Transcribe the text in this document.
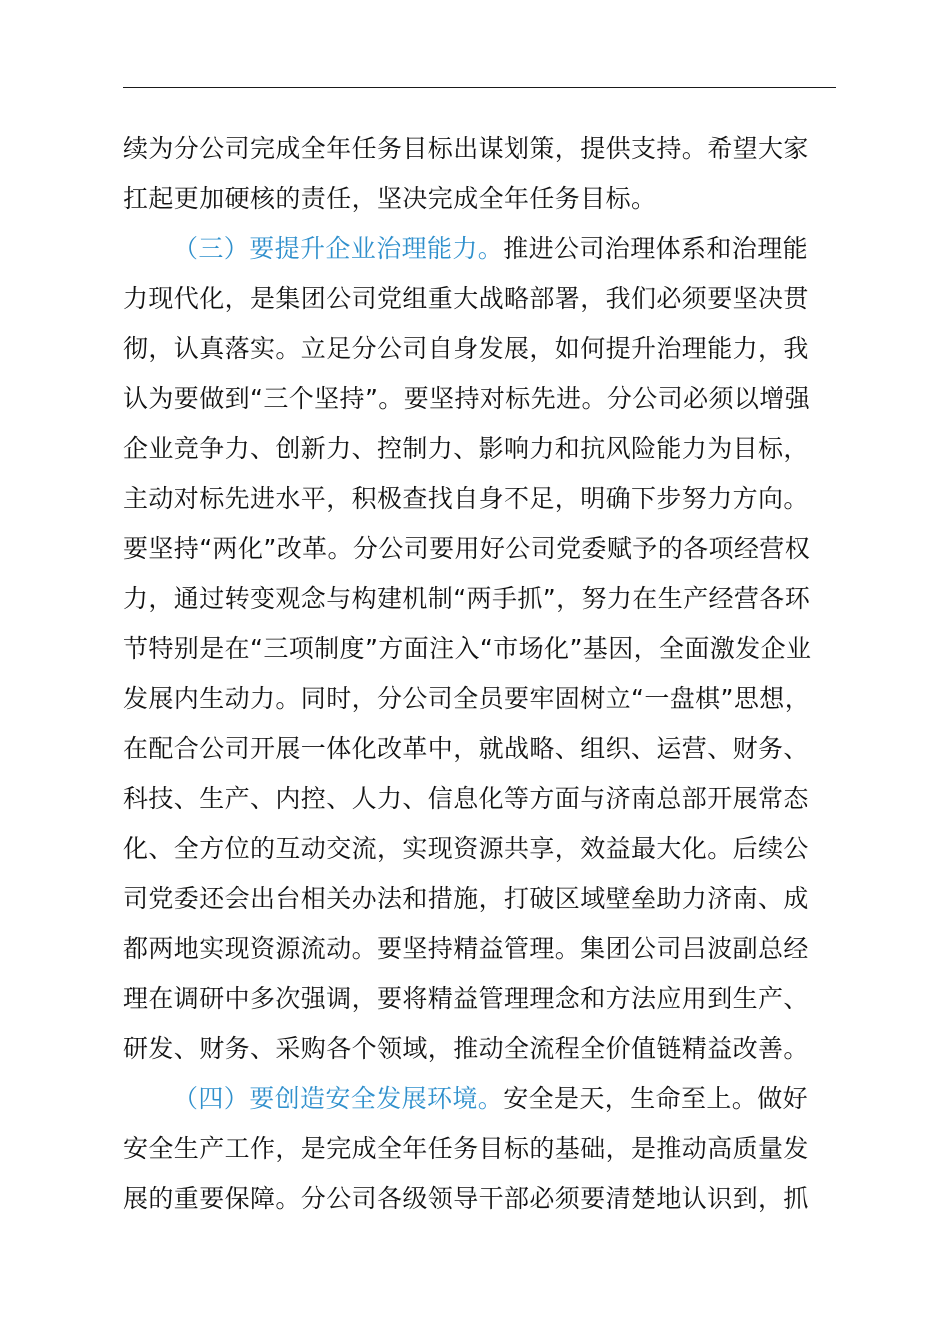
续为分公司完成全年任务目标出谋划策，提供支持。希望大家
扛起更加硬核的责任，坚决完成全年任务目标。
（三）要提升企业治理能力。推进公司治理体系和治理能
力现代化，是集团公司党组重大战略部署，我们必须要坚决贯
彻，认真落实。立足分公司自身发展，如何提升治理能力，我
认为要做到“三个坚持”。要坚持对标先进。分公司必须以增强
企业竞争力、创新力、控制力、影响力和抗风险能力为目标，
主动对标先进水平，积极查找自身不足，明确下步努力方向。
要坚持“两化”改革。分公司要用好公司党委赋予的各项经营权
力，通过转变观念与构建机制“两手抓”，努力在生产经营各环
节特别是在“三项制度”方面注入“市场化”基因，全面激发企业
发展内生动力。同时，分公司全员要牢固树立“一盘棋”思想，
在配合公司开展一体化改革中，就战略、组织、运营、财务、
科技、生产、内控、人力、信息化等方面与济南总部开展常态
化、全方位的互动交流，实现资源共享，效益最大化。后续公
司党委还会出台相关办法和措施，打破区域壁垒助力济南、成
都两地实现资源流动。要坚持精益管理。集团公司吕波副总经
理在调研中多次强调，要将精益管理理念和方法应用到生产、
研发、财务、采购各个领域，推动全流程全价值链精益改善。
（四）要创造安全发展环境。安全是天，生命至上。做好
安全生产工作，是完成全年任务目标的基础，是推动高质量发
展的重要保障。分公司各级领导干部必须要清楚地认识到，抓
